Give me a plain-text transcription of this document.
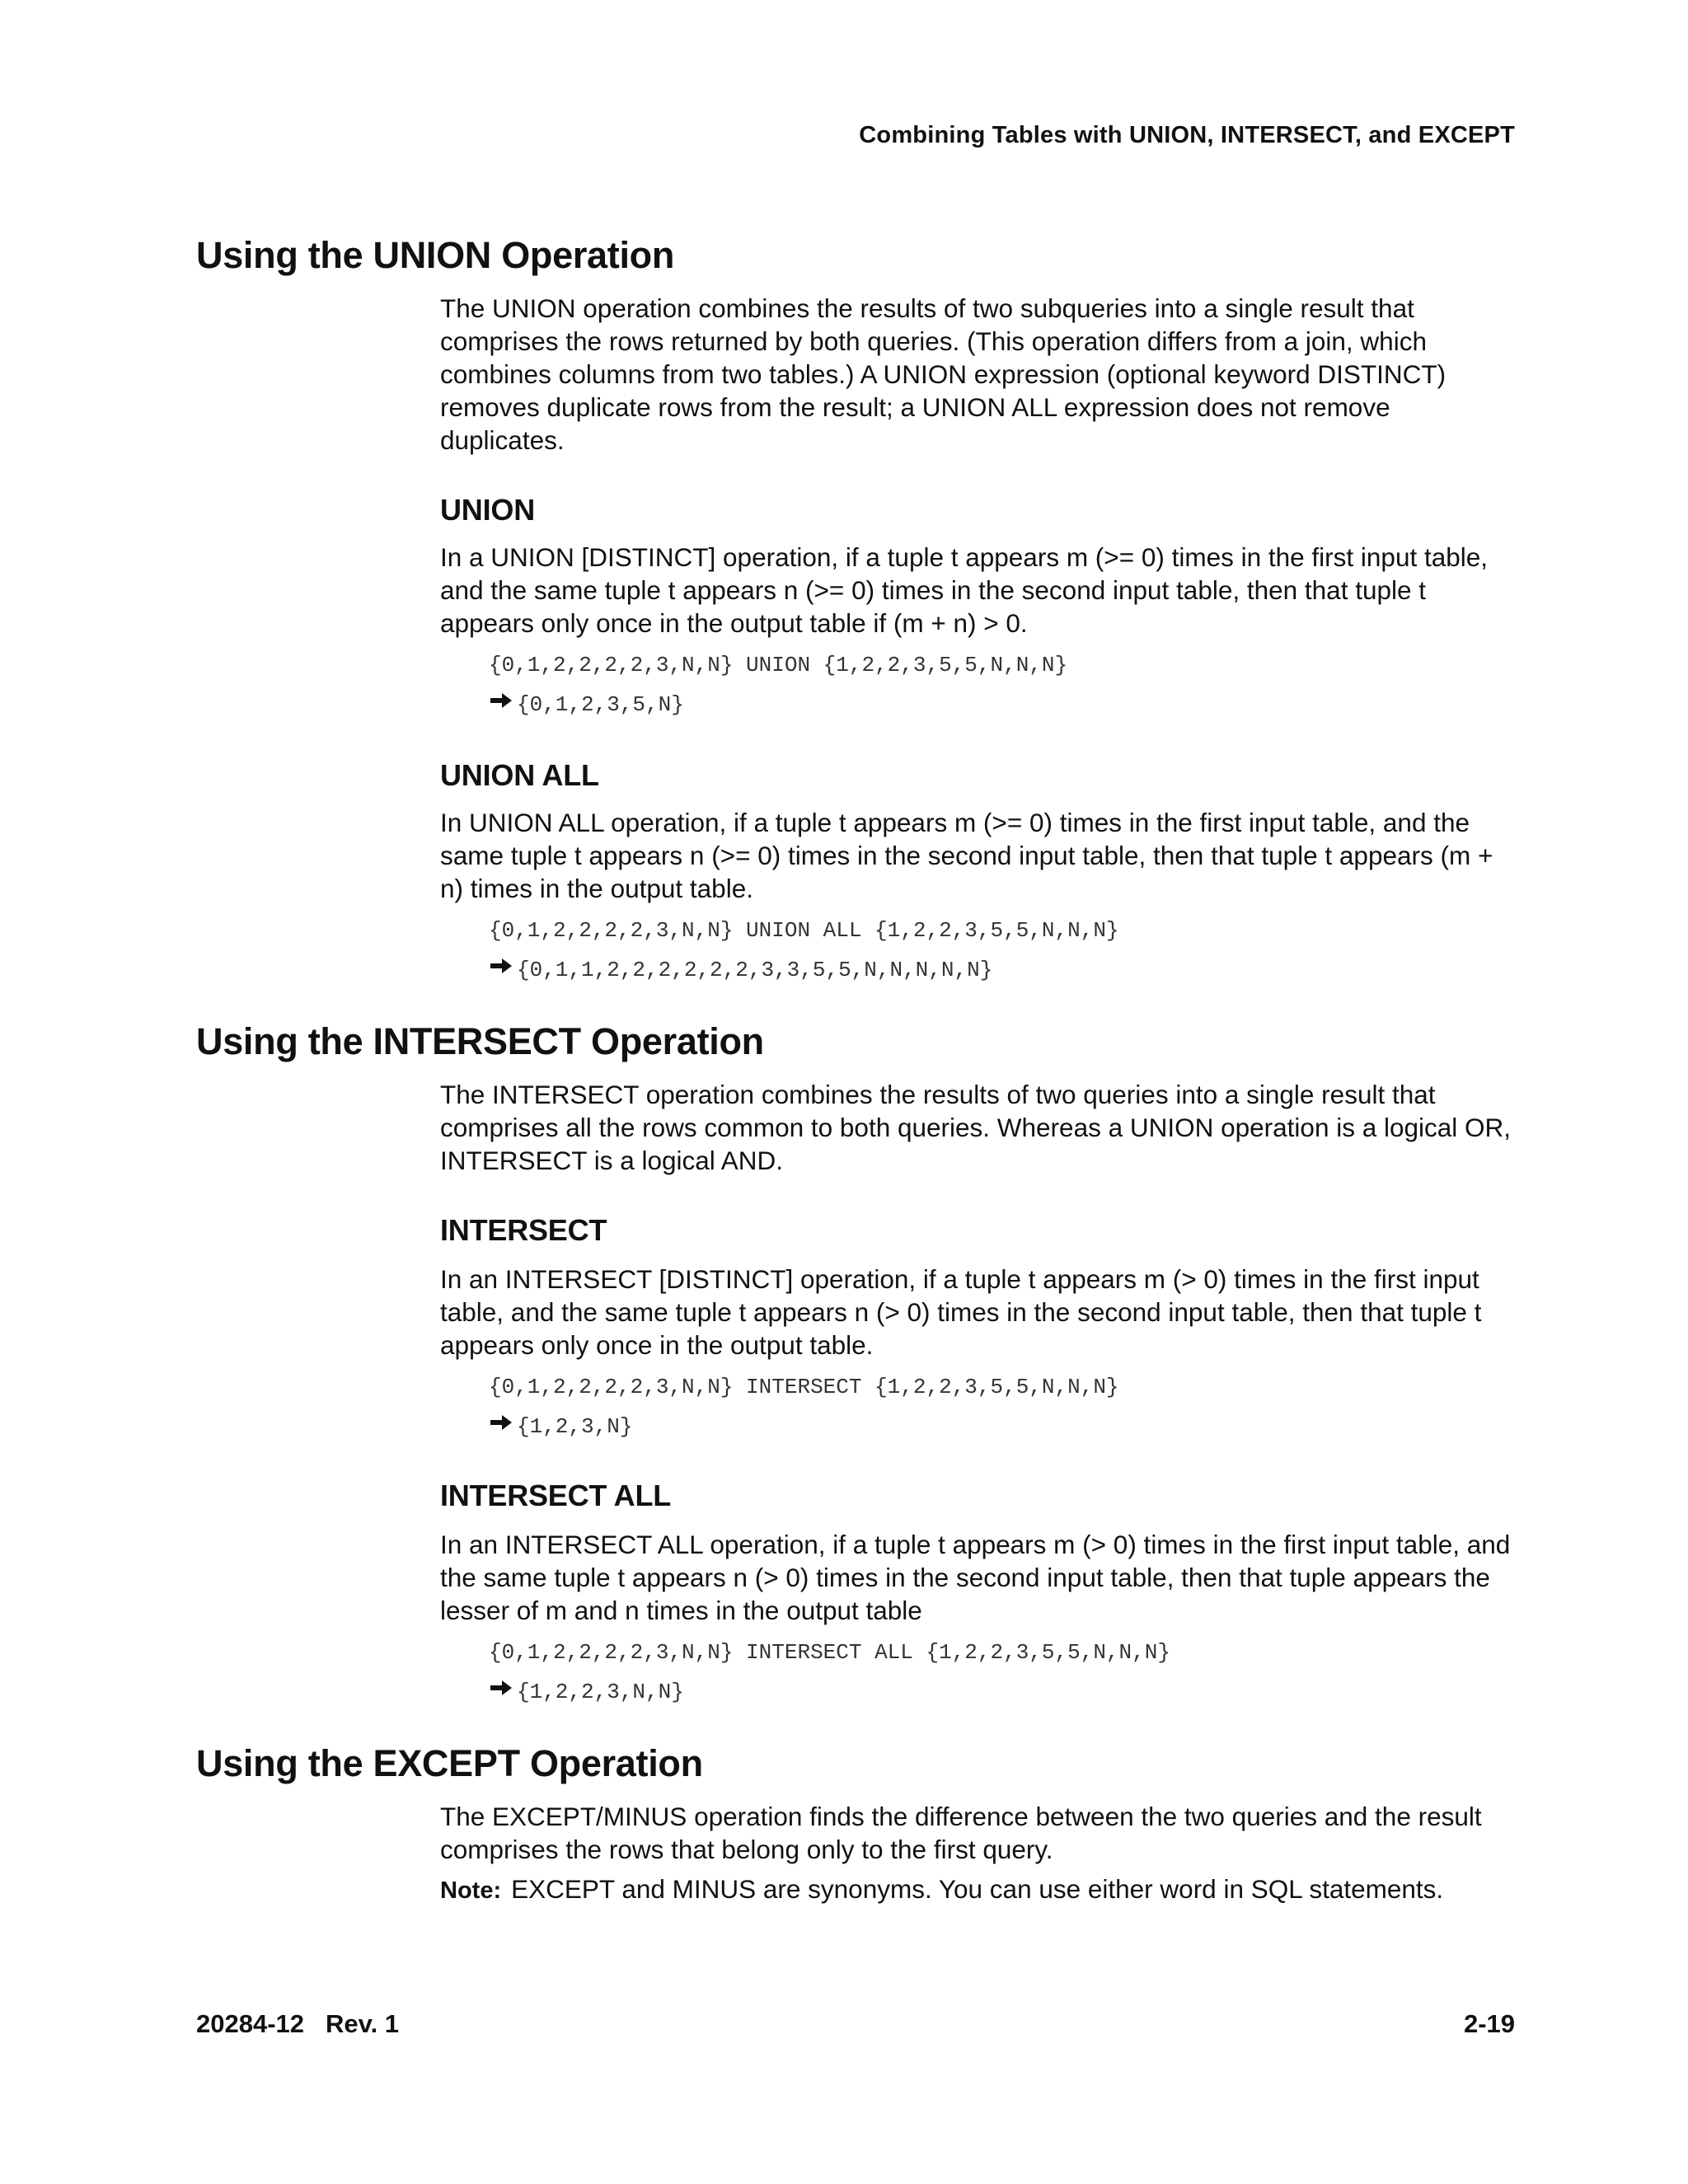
Combining Tables with UNION, INTERSECT, and EXCEPT
Using the UNION Operation

The UNION operation combines the results of two subqueries into a single result that comprises the rows returned by both queries. (This operation differs from a join, which combines columns from two tables.) A UNION expression (optional keyword DISTINCT) removes duplicate rows from the result; a UNION ALL expression does not remove duplicates.

UNION

In a UNION [DISTINCT] operation, if a tuple t appears m (>= 0) times in the first input table, and the same tuple t appears n (>= 0) times in the second input table, then that tuple t appears only once in the output table if (m + n) > 0.

{0,1,2,2,2,2,3,N,N} UNION {1,2,2,3,5,5,N,N,N}
{0,1,2,3,5,N}
UNION ALL

In UNION ALL operation, if a tuple t appears m (>= 0) times in the first input table, and the same tuple t appears n (>= 0) times in the second input table, then that tuple t appears (m + n) times in the output table.

{0,1,2,2,2,2,3,N,N} UNION ALL {1,2,2,3,5,5,N,N,N}
{0,1,1,2,2,2,2,2,2,3,3,5,5,N,N,N,N,N}
Using the INTERSECT Operation

The INTERSECT operation combines the results of two queries into a single result that comprises all the rows common to both queries. Whereas a UNION operation is a logical OR, INTERSECT is a logical AND.

INTERSECT

In an INTERSECT [DISTINCT] operation, if a tuple t appears m (> 0) times in the first input table, and the same tuple t appears n (> 0) times in the second input table, then that tuple t appears only once in the output table.

{0,1,2,2,2,2,3,N,N} INTERSECT {1,2,2,3,5,5,N,N,N}
{1,2,3,N}
INTERSECT ALL

In an INTERSECT ALL operation, if a tuple t appears m (> 0) times in the first input table, and the same tuple t appears n (> 0) times in the second input table, then that tuple appears the lesser of m and n times in the output table

{0,1,2,2,2,2,3,N,N} INTERSECT ALL {1,2,2,3,5,5,N,N,N}
{1,2,2,3,N,N}
Using the EXCEPT Operation

The EXCEPT/MINUS operation finds the difference between the two queries and the result comprises the rows that belong only to the first query.

Note: EXCEPT and MINUS are synonyms. You can use either word in SQL statements.
20284-12 Rev. 1	2-19
